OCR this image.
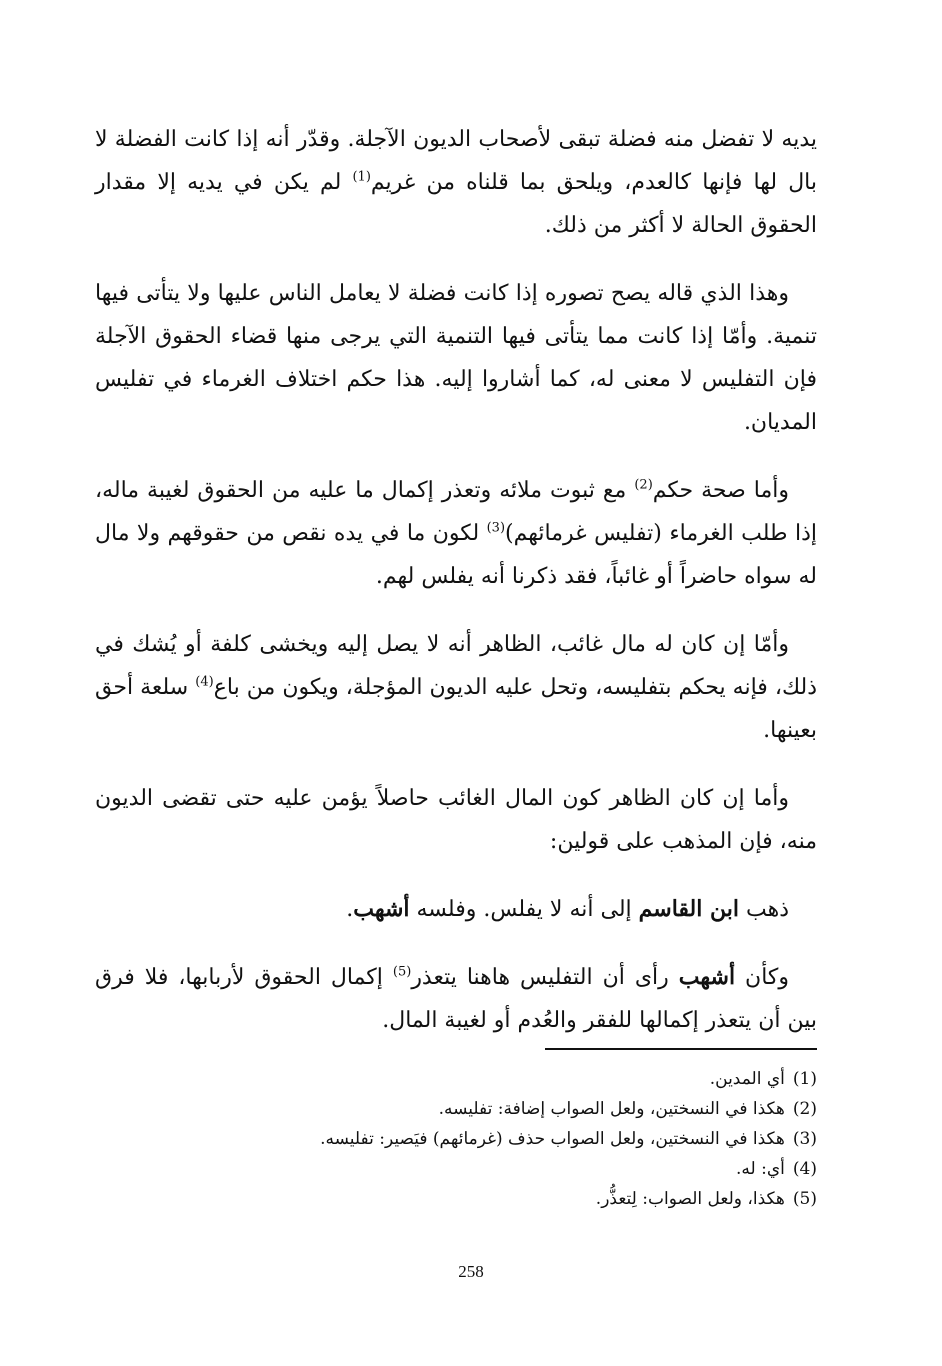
يديه لا تفضل منه فضلة تبقى لأصحاب الديون الآجلة. وقدّر أنه إذا كانت الفضلة لا بال لها فإنها كالعدم، ويلحق بما قلناه من غريم$^{(1)}$ لم يكن في يديه إلا مقدار الحقوق الحالة لا أكثر من ذلك.

وهذا الذي قاله يصح تصوره إذا كانت فضلة لا يعامل الناس عليها ولا يتأتى فيها تنمية. وأمّا إذا كانت مما يتأتى فيها التنمية التي يرجى منها قضاء الحقوق الآجلة فإن التفليس لا معنى له، كما أشاروا إليه. هذا حكم اختلاف الغرماء في تفليس المديان.

وأما صحة حكم$^{(2)}$ مع ثبوت ملائه وتعذر إكمال ما عليه من الحقوق لغيبة ماله، إذا طلب الغرماء (تفليس غرمائهم)$^{(3)}$ لكون ما في يده نقص من حقوقهم ولا مال له سواه حاضراً أو غائباً، فقد ذكرنا أنه يفلس لهم.

وأمّا إن كان له مال غائب، الظاهر أنه لا يصل إليه ويخشى كلفة أو يُشك في ذلك، فإنه يحكم بتفليسه، وتحل عليه الديون المؤجلة، ويكون من باع$^{(4)}$ سلعة أحق بعينها.

وأما إن كان الظاهر كون المال الغائب حاصلاً يؤمن عليه حتى تقضى الديون منه، فإن المذهب على قولين:

ذهب ابن القاسم إلى أنه لا يفلس. وفلسه أشهب.

وكأن أشهب رأى أن التفليس هاهنا يتعذر$^{(5)}$ إكمال الحقوق لأربابها، فلا فرق بين أن يتعذر إكمالها للفقر والعُدم أو لغيبة المال.

(1)أي المدين.

(2)هكذا في النسختين، ولعل الصواب إضافة: تفليسه.

(3)هكذا في النسختين، ولعل الصواب حذف (غرمائهم) فيَصير: تفليسه.

(4)أي: له.

(5)هكذا، ولعل الصواب: لِتعذُّر.

258
